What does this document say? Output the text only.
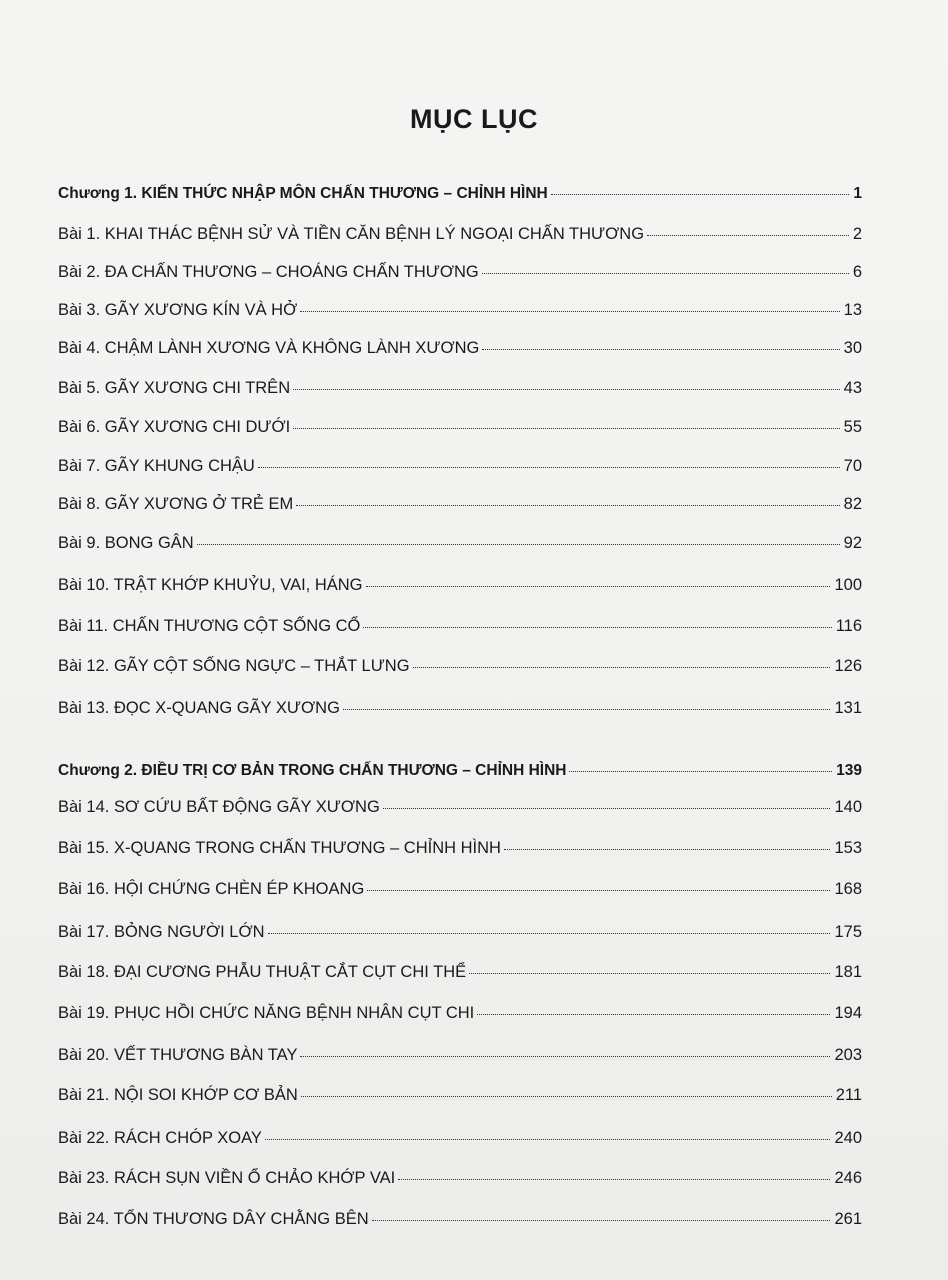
MỤC LỤC
Chương 1. KIẾN THỨC NHẬP MÔN CHẤN THƯƠNG – CHỈNH HÌNH	1
Bài 1. KHAI THÁC BỆNH SỬ VÀ TIỀN CĂN BỆNH LÝ NGOẠI CHẤN THƯƠNG	2
Bài 2. ĐA CHẤN THƯƠNG – CHOÁNG CHẤN THƯƠNG	6
Bài 3. GÃY XƯƠNG KÍN VÀ HỞ	13
Bài 4. CHẬM LÀNH XƯƠNG VÀ KHÔNG LÀNH XƯƠNG	30
Bài 5. GÃY XƯƠNG CHI TRÊN	43
Bài 6. GÃY XƯƠNG CHI DƯỚI	55
Bài 7. GÃY KHUNG CHẬU	70
Bài 8. GÃY XƯƠNG Ở TRẺ EM	82
Bài 9. BONG GÂN	92
Bài 10. TRẬT KHỚP KHUỶU, VAI, HÁNG	100
Bài 11. CHẤN THƯƠNG CỘT SỐNG CỔ	116
Bài 12. GÃY CỘT SỐNG NGỰC – THẮT LƯNG	126
Bài 13. ĐỌC X-QUANG GÃY XƯƠNG	131
Chương 2. ĐIỀU TRỊ CƠ BẢN TRONG CHẤN THƯƠNG – CHỈNH HÌNH	139
Bài 14. SƠ CỨU BẤT ĐỘNG GÃY XƯƠNG	140
Bài 15. X-QUANG TRONG CHẤN THƯƠNG – CHỈNH HÌNH	153
Bài 16. HỘI CHỨNG CHÈN ÉP KHOANG	168
Bài 17. BỎNG NGƯỜI LỚN	175
Bài 18. ĐẠI CƯƠNG PHẪU THUẬT CẮT CỤT CHI THỂ	181
Bài 19. PHỤC HỒI CHỨC NĂNG BỆNH NHÂN CỤT CHI	194
Bài 20. VẾT THƯƠNG BÀN TAY	203
Bài 21. NỘI SOI KHỚP CƠ BẢN	211
Bài 22. RÁCH CHÓP XOAY	240
Bài 23. RÁCH SỤN VIỀN Ổ CHẢO KHỚP VAI	246
Bài 24. TỔN THƯƠNG DÂY CHẰNG BÊN	261
